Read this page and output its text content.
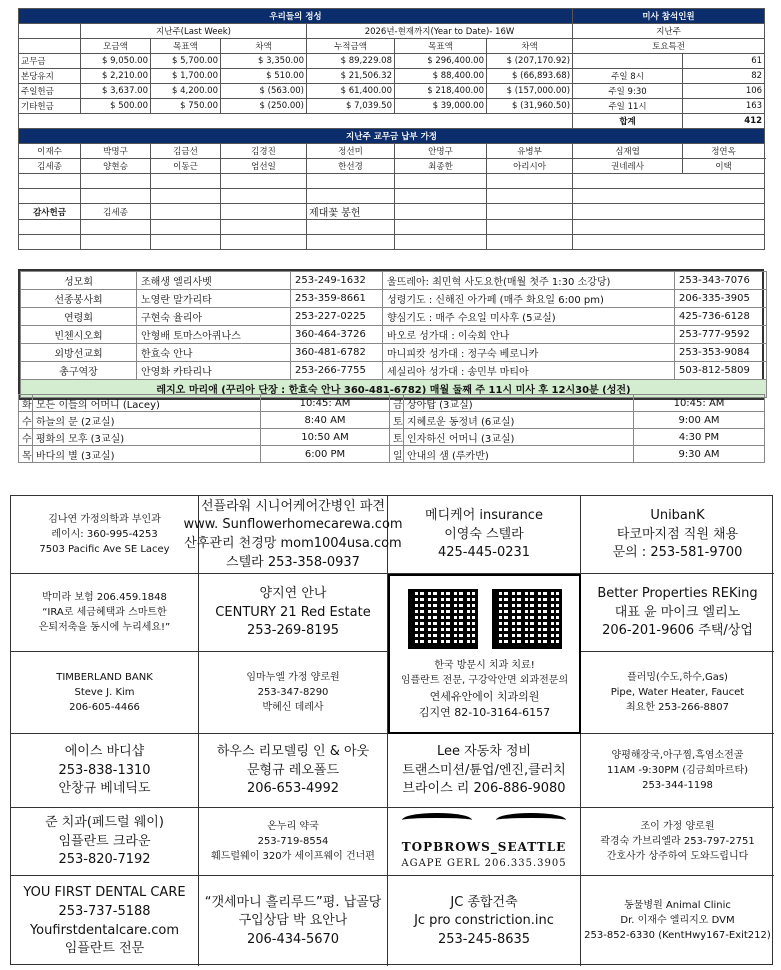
우리들의 정성							미사 참석인원	
	지난주(Last Week)			2026년-현재까지(Year to Date)- 16W			지난주	
	모금액	목표액	차액	누적금액	목표액	차액	토요특전	
교무금	$ 9,050.00	$ 5,700.00	$ 3,350.00	$ 89,229.08	$ 296,400.00	$ (207,170.92)		61
본당유지	$ 2,210.00	$ 1,700.00	$ 510.00	$ 21,506.32	$ 88,400.00	$ (66,893.68)	주일 8시	82
주일헌금	$ 3,637.00	$ 4,200.00	$ (563.00)	$ 61,400.00	$ 218,400.00	$ (157,000.00)	주일 9:30	106
기타헌금	$ 500.00	$ 750.00	$ (250.00)	$ 7,039.50	$ 39,000.00	$ (31,960.50)	주일 11시	163
							합계	412
지난주 교무금 납부 가정								
이재수	박명구	김금선	김경진	정선미	안명구	유병부	심재엽	정연옥
김세종	양현승	이동근	엄선일	한선경	최종한	아리시아	권네레사	이택

감사헌금	김세종			제대꽃 봉헌				

성모회	조해생 엘리사벳	253-249-1632	울뜨레아: 최민혁 사도요한(매월 첫주 1:30 소강당)	253-343-7076
선종봉사회	노영란 말가리타	253-359-8661	성령기도 : 신해진 아가페 (매주 화요일 6:00 pm)	206-335-3905
연령회	구현숙 율리아	253-227-0225	향심기도 : 매주 수요일 미사후 (5교실)	425-736-6128
빈첸시오회	안형배 토마스아퀴나스	360-464-3726	바오로 성가대 : 이숙희 안나	253-777-9592
외방선교회	한효숙 안나	360-481-6782	마니피캇 성가대 : 정구숙 베로니카	253-353-9084
총구역장	안영화 카타리나	253-266-7755	세실리아 성가대 : 송민부 마티아	503-812-5809
레지오 마리애 (꾸리아 단장 : 한효숙 안나 360-481-6782) 매월 둘째 주 11시 미사 후 12시30분 (성전)				
화	모든 이들의 어머니 (Lacey)	10:45: AM	금	상아탑 (3교실)	10:45: AM
수	하늘의 문 (2교실)	8:40 AM	토	지혜로운 동정녀 (6교실)	9:00 AM
수	평화의 모후 (3교실)	10:50 AM	토	인자하신 어머니 (3교실)	4:30 PM
목	바다의 별 (3교실)	6:00 PM	일	안내의 샘 (루카반)	9:30 AM
김나연 가정의학과 부인과
레이시: 360-995-4253
7503 Pacific Ave SE Lacey
선플라워 시니어케어간병인 파견
www. Sunflowerhomecarewa.com
산후관리 천경망 mom1004usa.com
스텔라 253-358-0937
메디케어 insurance
이영숙 스텔라
425-445-0231
UnibanK
타코마지점 직원 채용
문의 : 253-581-9700
박미라 보험 206.459.1848
“IRA로 세금혜택과 스마트한
은퇴저축을 동시에 누리세요!”
양지연 안나
CENTURY 21 Red Estate
253-269-8195
한국 방문시 치과 치료!
임플란트 전문, 구강악안면 외과전문의
연세유안에이 치과의원
김지연 82-10-3164-6157
Better Properties REKing
대표 윤 마이크 엘리노
206-201-9606 주택/상업
TIMBERLAND BANK
Steve J. Kim
206-605-4466
임마누엘 가정 양로원
253-347-8290
박혜신 데레사
플러밍(수도,하수,Gas)
Pipe, Water Heater, Faucet
최요한 253-266-8807
에이스 바디샵
253-838-1310
안창규 베네딕도
하우스 리모델링 인 & 아웃
문형규 레오폴드
206-653-4992
Lee 자동차 정비
트랜스미션/튠업/엔진,클러치
브라이스 리 206-886-9080
양평해장국,아구찜,흑염소전골
11AM -9:30PM (김금희마르타)
253-344-1198
준 치과(페드럴 웨이)
임플란트 크라운
253-820-7192
온누리 약국
253-719-8554
훼드럴웨이 320가 세이프웨이 건너편
TOPBROWS_SEATTLE
AGAPE GERL 206.335.3905
조이 가정 양로원
곽경숙 가브리엘라 253-797-2751
간호사가 상주하여 도와드립니다
YOU FIRST DENTAL CARE
253-737-5188
Youfirstdentalcare.com
임플란트 전문
“갯세마니 흘리루드”평. 납골당
구입상담 박 요안나
206-434-5670
JC 종합건축
Jc pro constriction.inc
253-245-8635
동물병원 Animal Clinic
Dr. 이재수 엘리지오 DVM
253-852-6330 (KentHwy167-Exit212)
